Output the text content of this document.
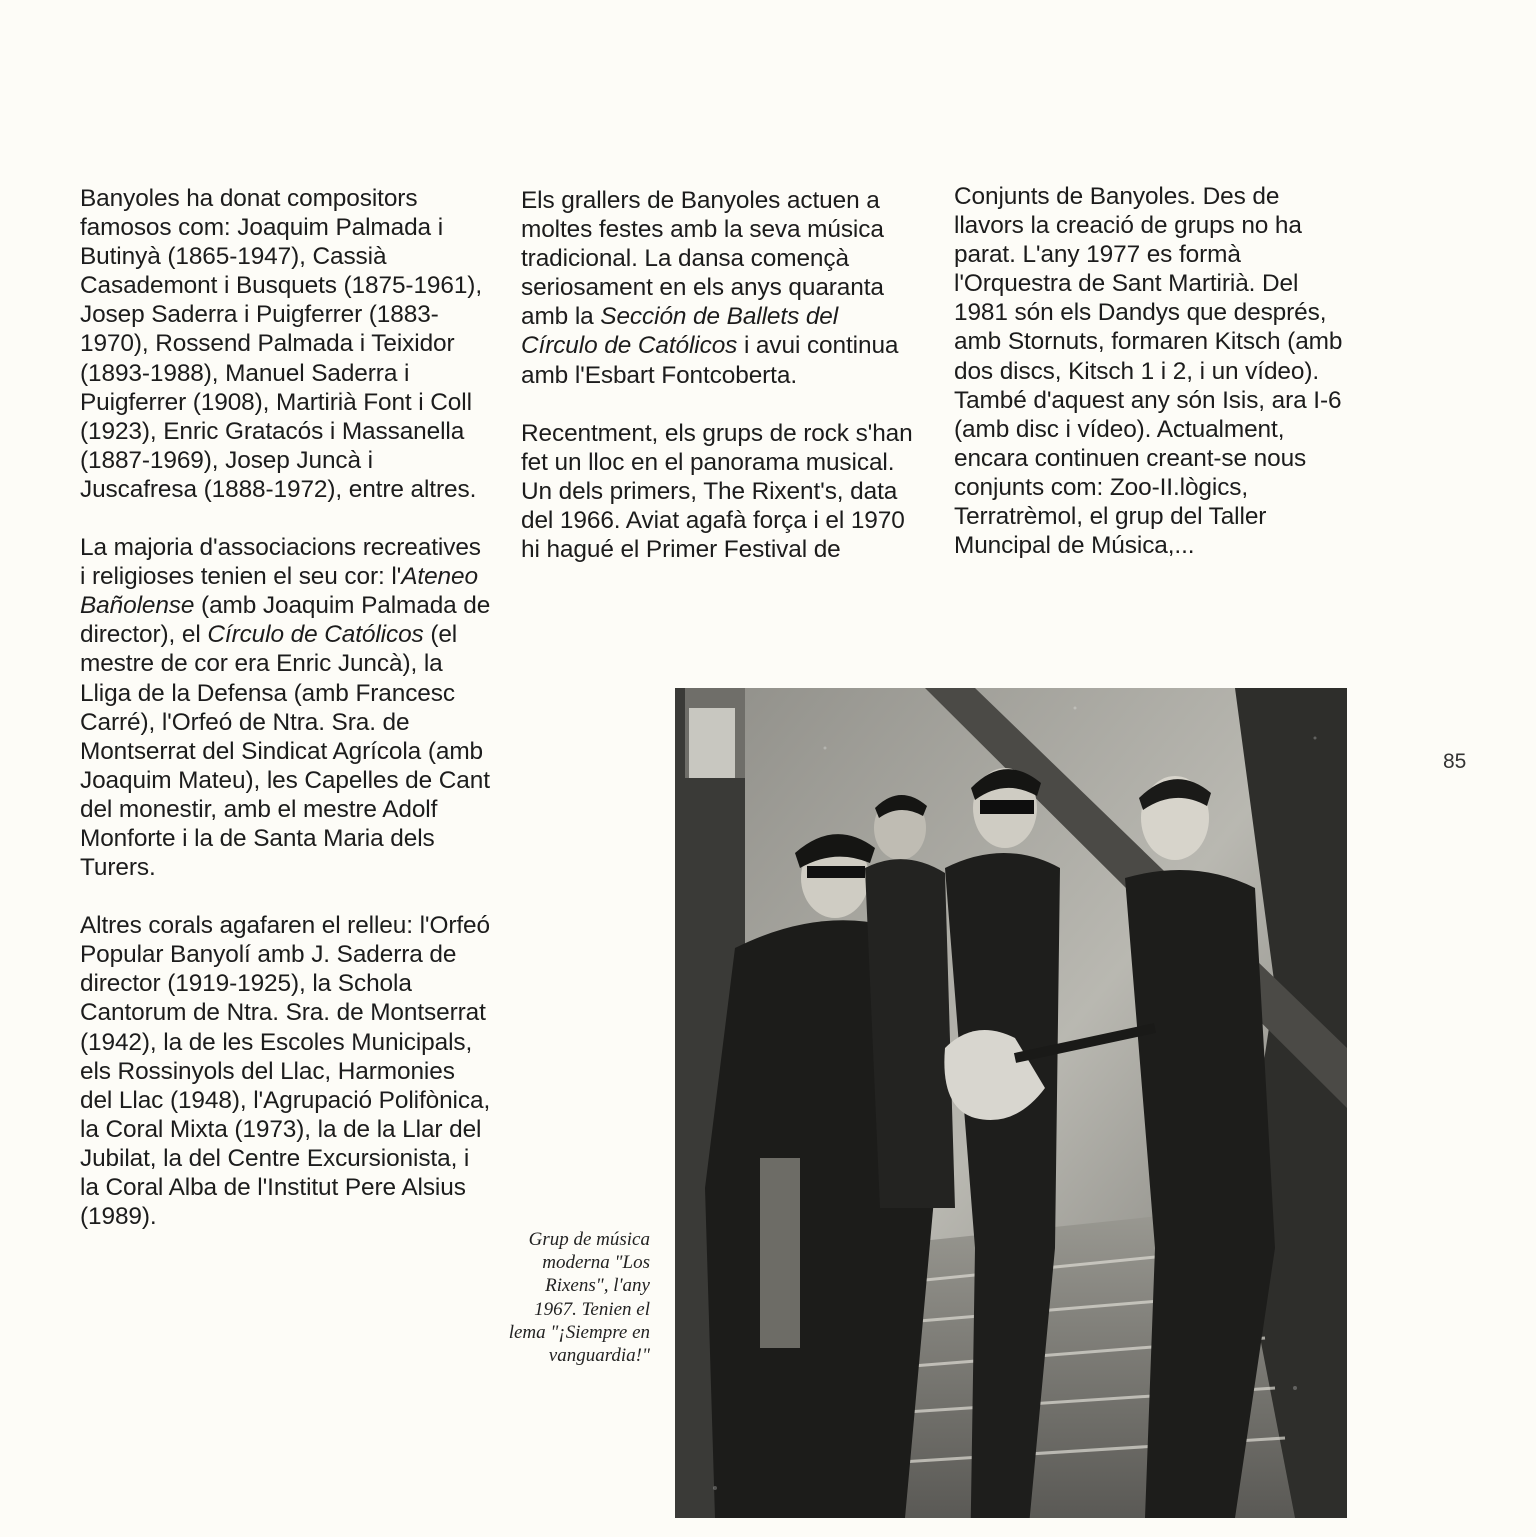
Banyoles ha donat compositors famosos com: Joaquim Palmada i Butinyà (1865-1947), Cassià Casademont i Busquets (1875-1961), Josep Saderra i Puigferrer (1883-1970), Rossend Palmada i Teixidor (1893-1988), Manuel Saderra i Puigferrer (1908), Martirià Font i Coll (1923), Enric Gratacós i Massanella (1887-1969), Josep Juncà i Juscafresa (1888-1972), entre altres.

La majoria d'associacions recreatives i religioses tenien el seu cor: l'Ateneo Bañolense (amb Joaquim Palmada de director), el Círculo de Católicos (el mestre de cor era Enric Juncà), la Lliga de la Defensa (amb Francesc Carré), l'Orfeó de Ntra. Sra. de Montserrat del Sindicat Agrícola (amb Joaquim Mateu), les Capelles de Cant del monestir, amb el mestre Adolf Monforte i la de Santa Maria dels Turers.

Altres corals agafaren el relleu: l'Orfeó Popular Banyolí amb J. Saderra de director (1919-1925), la Schola Cantorum de Ntra. Sra. de Montserrat (1942), la de les Escoles Municipals, els Rossinyols del Llac, Harmonies del Llac (1948), l'Agrupació Polifònica, la Coral Mixta (1973), la de la Llar del Jubilat, la del Centre Excursionista, i la Coral Alba de l'Institut Pere Alsius (1989).

Els grallers de Banyoles actuen a moltes festes amb la seva música tradicional. La dansa començà seriosament en els anys quaranta amb la Sección de Ballets del Círculo de Católicos i avui continua amb l'Esbart Fontcoberta.

Recentment, els grups de rock s'han fet un lloc en el panorama musical. Un dels primers, The Rixent's, data del 1966. Aviat agafà força i el 1970 hi hagué el Primer Festival de

Conjunts de Banyoles. Des de llavors la creació de grups no ha parat. L'any 1977 es formà l'Orquestra de Sant Martirià. Del 1981 són els Dandys que després, amb Stornuts, formaren Kitsch (amb dos discs, Kitsch 1 i 2, i un vídeo). També d'aquest any són Isis, ara I-6 (amb disc i vídeo). Actualment, encara continuen creant-se nous conjunts com: Zoo-II.lògics, Terratrèmol, el grup del Taller Muncipal de Música,...

85
Grup de música moderna "Los Rixens", l'any 1967. Tenien el lema "¡Siempre en vanguardia!"
